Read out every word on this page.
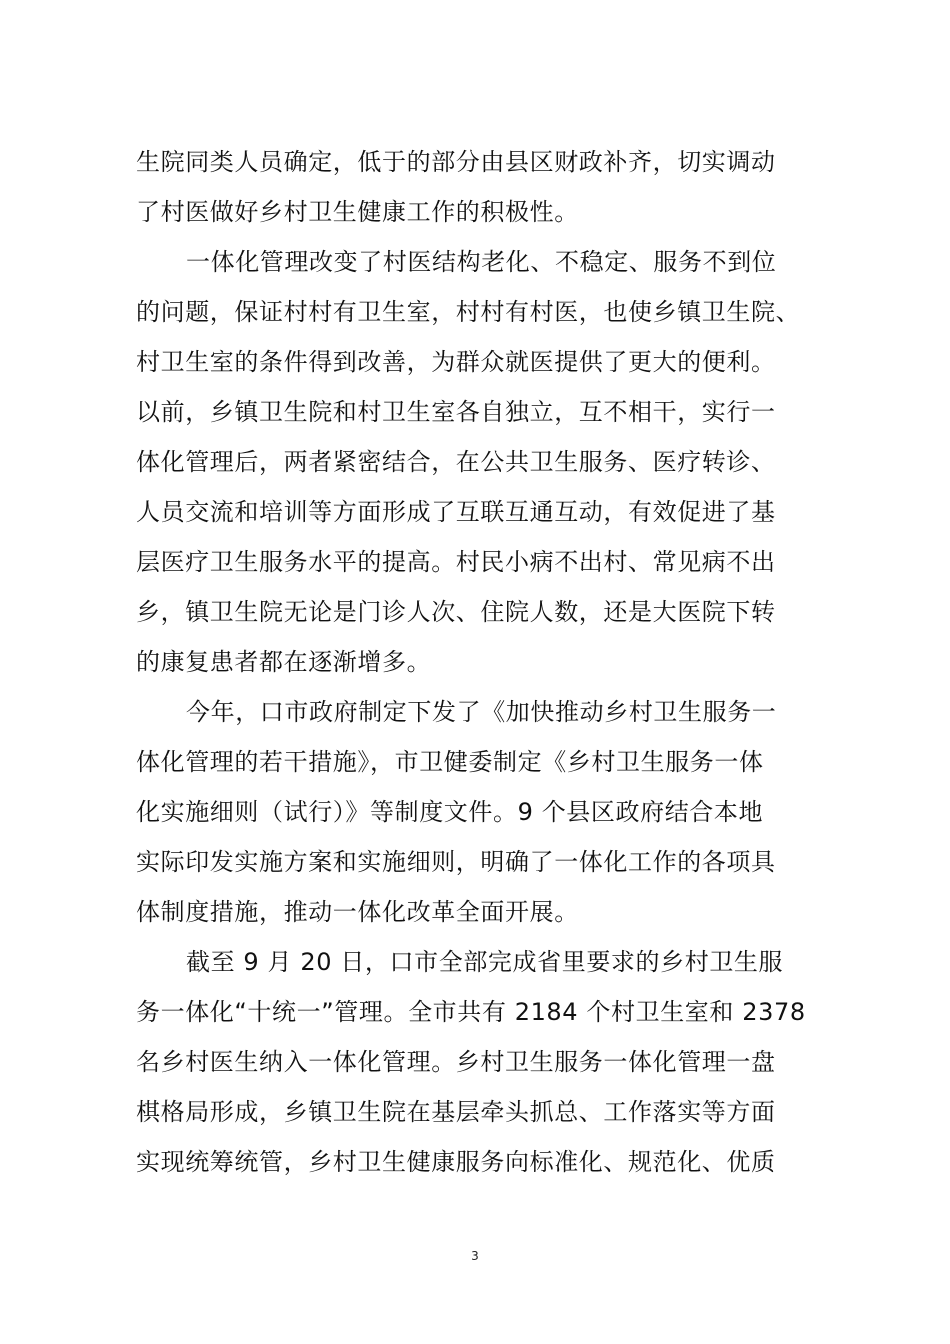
生院同类人员确定，低于的部分由县区财政补齐，切实调动
了村医做好乡村卫生健康工作的积极性。
一体化管理改变了村医结构老化、不稳定、服务不到位
的问题，保证村村有卫生室，村村有村医，也使乡镇卫生院、
村卫生室的条件得到改善，为群众就医提供了更大的便利。
以前，乡镇卫生院和村卫生室各自独立，互不相干，实行一
体化管理后，两者紧密结合，在公共卫生服务、医疗转诊、
人员交流和培训等方面形成了互联互通互动，有效促进了基
层医疗卫生服务水平的提高。村民小病不出村、常见病不出
乡，镇卫生院无论是门诊人次、住院人数，还是大医院下转
的康复患者都在逐渐增多。
今年，口市政府制定下发了《加快推动乡村卫生服务一
体化管理的若干措施》，市卫健委制定《乡村卫生服务一体
化实施细则（试行）》等制度文件。9 个县区政府结合本地
实际印发实施方案和实施细则，明确了一体化工作的各项具
体制度措施，推动一体化改革全面开展。
截至 9 月 20 日，口市全部完成省里要求的乡村卫生服
务一体化“十统一”管理。全市共有 2184 个村卫生室和 2378
名乡村医生纳入一体化管理。乡村卫生服务一体化管理一盘
棋格局形成，乡镇卫生院在基层牵头抓总、工作落实等方面
实现统筹统管，乡村卫生健康服务向标准化、规范化、优质
3
